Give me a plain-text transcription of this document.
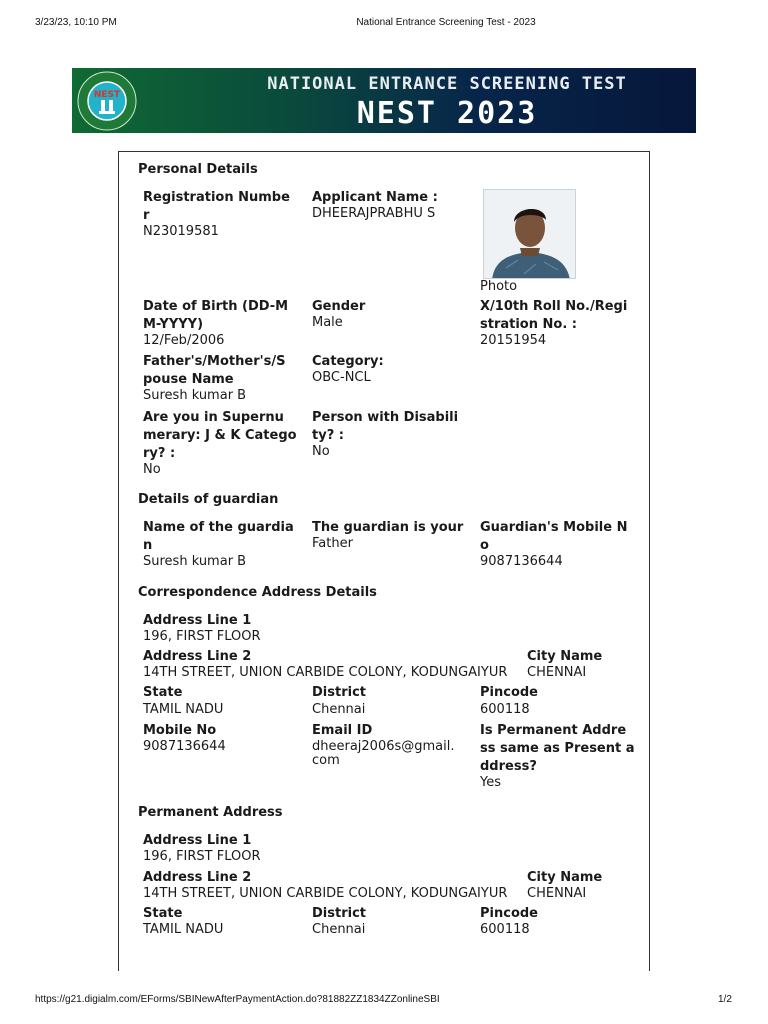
3/23/23, 10:10 PM	National Entrance Screening Test - 2023
NEST
NATIONAL ENTRANCE SCREENING TEST
NEST 2023
Personal Details
Registration Numbe
r
N23019581
Applicant Name :
DHEERAJPRABHU S
Photo
Date of Birth (DD-M
M-YYYY)
12/Feb/2006
Gender
Male
X/10th Roll No./Regi
stration No. :
20151954
Father's/Mother's/S
pouse Name
Suresh kumar B
Category:
OBC-NCL
Are you in Supernu
merary: J & K Catego
ry? :
No
Person with Disabili
ty? :
No
Details of guardian
Name of the guardia
n
Suresh kumar B
The guardian is your
Father
Guardian's Mobile N
o
9087136644
Correspondence Address Details
Address Line 1
196, FIRST FLOOR
Address Line 2
14TH STREET, UNION CARBIDE COLONY, KODUNGAIYUR
City Name
CHENNAI
State
TAMIL NADU
District
Chennai
Pincode
600118
Mobile No
9087136644
Email ID
dheeraj2006s@gmail.
com
Is Permanent Addre
ss same as Present a
ddress?
Yes
Permanent Address
Address Line 1
196, FIRST FLOOR
Address Line 2
14TH STREET, UNION CARBIDE COLONY, KODUNGAIYUR
City Name
CHENNAI
State
TAMIL NADU
District
Chennai
Pincode
600118
https://g21.digialm.com/EForms/SBINewAfterPaymentAction.do?81882ZZ1834ZZonlineSBI	1/2
